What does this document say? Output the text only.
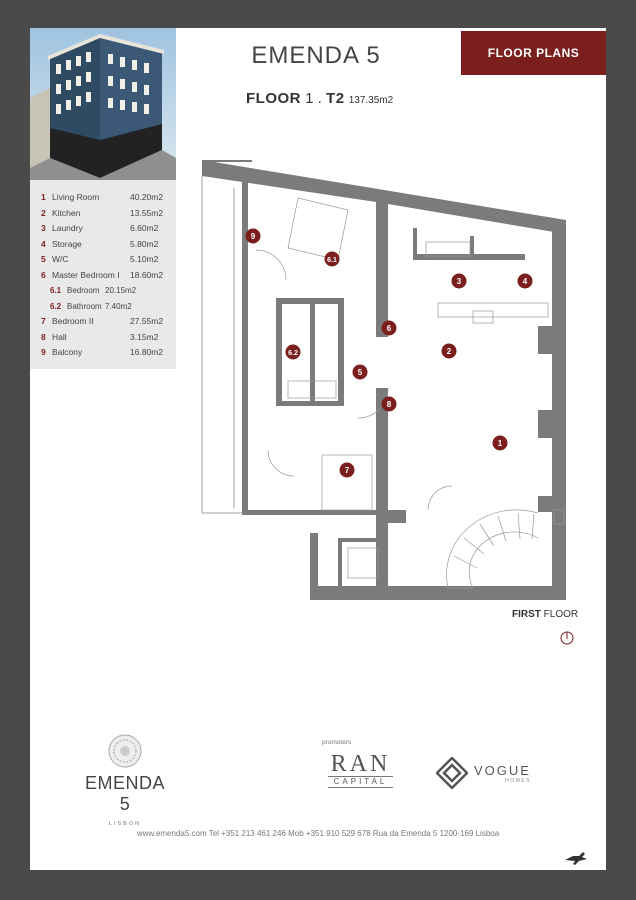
EMENDA 5	FLOOR PLANS
FLOOR 1 . T2 137.35m2
1 Living Room	40.20m2
2 Kitchen	13.55m2
3 Laundry	6.60m2
4 Storage	5.80m2
5 W/C	5.10m2
6 Master Bedroom I	18.60m2
6.1 Bedroom 20.15m2
6.2 Bathroom 7.40m2
7 Bedroom II	27.55m2
8 Hall	3.15m2
9 Balcony	16.80m2
1
2
3	4
5
6
6.1
6.2
7
8
9
FIRST FLOOR
EMENDA 5
LISBON
promoters
RAN
CAPITAL
VOGUE
HOMES
www.emenda5.com Tel +351 213 461 246 Mob +351 910 529 678 Rua da Emenda 5 1200-169 Lisboa
